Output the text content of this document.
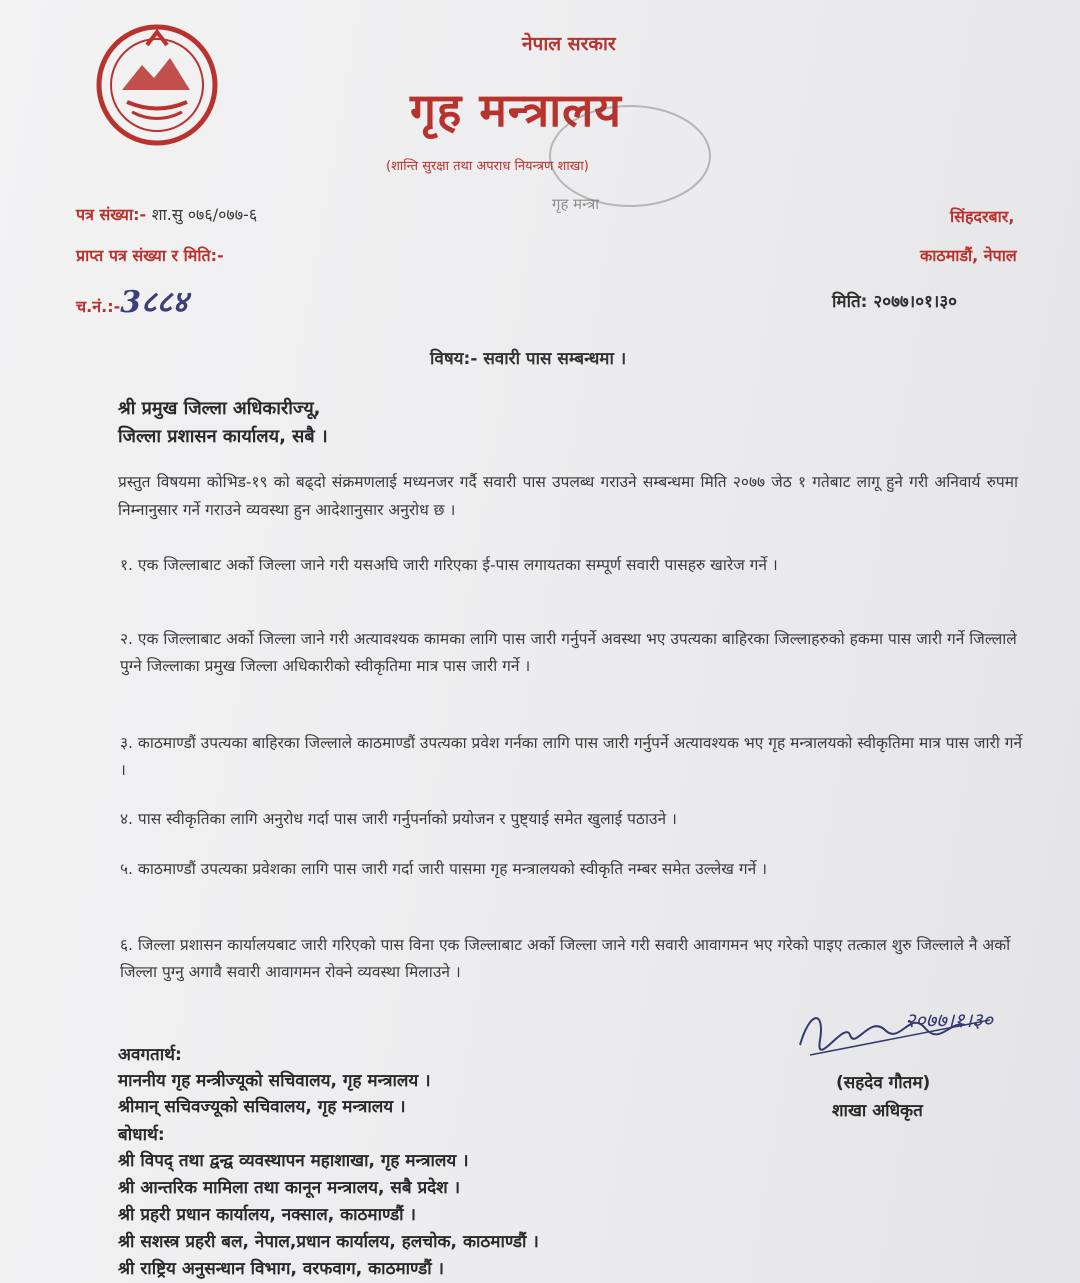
नेपाल सरकार
गृह मन्त्रालय
(शान्ति सुरक्षा तथा अपराध नियन्त्रण शाखा)
गृह मन्त्रा
पत्र संख्या:- शा.सु ०७६/०७७-६
प्राप्त पत्र संख्या र मिति:-
च.नं.:-3८८४
सिंहदरबार,
काठमाडौं, नेपाल
मिति: २०७७।०१।३०
विषय:- सवारी पास सम्बन्धमा ।
श्री प्रमुख जिल्ला अधिकारीज्यू,
जिल्ला प्रशासन कार्यालय, सबै ।
प्रस्तुत विषयमा कोभिड-१९ को बढ्दो संक्रमणलाई मध्यनजर गर्दै सवारी पास उपलब्ध गराउने सम्बन्धमा मिति २०७७ जेठ १ गतेबाट लागू हुने गरी अनिवार्य रुपमा निम्नानुसार गर्ने गराउने व्यवस्था हुन आदेशानुसार अनुरोध छ ।
१. एक जिल्लाबाट अर्को जिल्ला जाने गरी यसअघि जारी गरिएका ई-पास लगायतका सम्पूर्ण सवारी पासहरु खारेज गर्ने ।
२. एक जिल्लाबाट अर्को जिल्ला जाने गरी अत्यावश्यक कामका लागि पास जारी गर्नुपर्ने अवस्था भए उपत्यका बाहिरका जिल्लाहरुको हकमा पास जारी गर्ने जिल्लाले पुग्ने जिल्लाका प्रमुख जिल्ला अधिकारीको स्वीकृतिमा मात्र पास जारी गर्ने ।
३. काठमाण्डौं उपत्यका बाहिरका जिल्लाले काठमाण्डौं उपत्यका प्रवेश गर्नका लागि पास जारी गर्नुपर्ने अत्यावश्यक भए गृह मन्त्रालयको स्वीकृतिमा मात्र पास जारी गर्ने ।
४. पास स्वीकृतिका लागि अनुरोध गर्दा पास जारी गर्नुपर्नाको प्रयोजन र पुष्ट्याई समेत खुलाई पठाउने ।
५. काठमाण्डौं उपत्यका प्रवेशका लागि पास जारी गर्दा जारी पासमा गृह मन्त्रालयको स्वीकृति नम्बर समेत उल्लेख गर्ने ।
६. जिल्ला प्रशासन कार्यालयबाट जारी गरिएको पास विना एक जिल्लाबाट अर्को जिल्ला जाने गरी सवारी आवागमन भए गरेको पाइए तत्काल शुरु जिल्लाले नै अर्को जिल्ला पुग्नु अगावै सवारी आवागमन रोक्ने व्यवस्था मिलाउने ।
२०७७।१।३०
(सहदेव गौतम)
शाखा अधिकृत
अवगतार्थ:
माननीय गृह मन्त्रीज्यूको सचिवालय, गृह मन्त्रालय ।
श्रीमान् सचिवज्यूको सचिवालय, गृह मन्त्रालय ।
बोधार्थ:
श्री विपद् तथा द्वन्द्व व्यवस्थापन महाशाखा, गृह मन्त्रालय ।
श्री आन्तरिक मामिला तथा कानून मन्त्रालय, सबै प्रदेश ।
श्री प्रहरी प्रधान कार्यालय, नक्साल, काठमाण्डौं ।
श्री सशस्त्र प्रहरी बल, नेपाल,प्रधान कार्यालय, हलचोक, काठमाण्डौं ।
श्री राष्ट्रिय अनुसन्धान विभाग, वरफवाग, काठमाण्डौं ।
